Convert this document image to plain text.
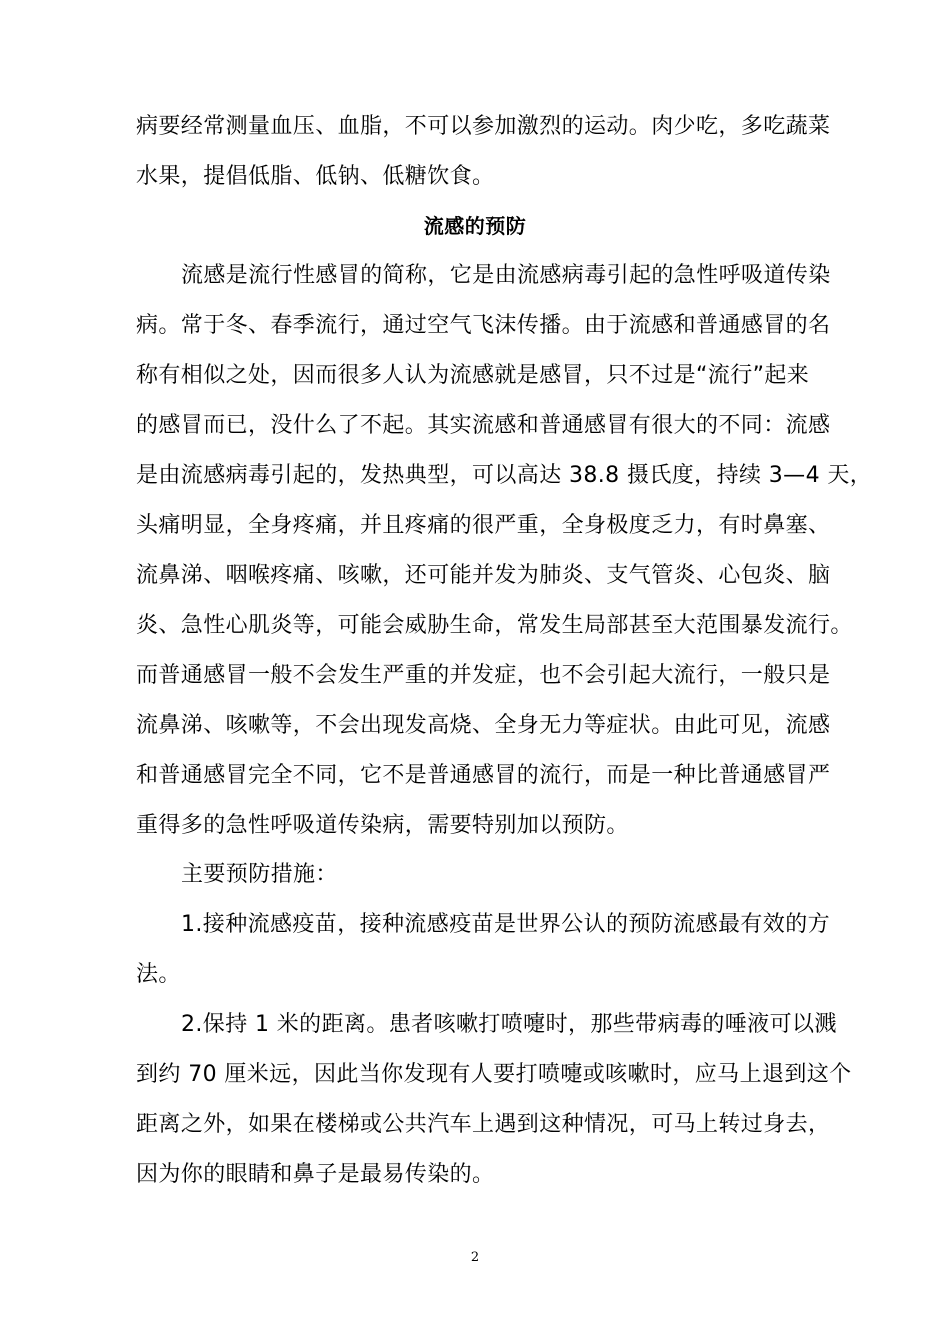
病要经常测量血压、血脂，不可以参加激烈的运动。肉少吃，多吃蔬菜
水果，提倡低脂、低钠、低糖饮食。
流感的预防
流感是流行性感冒的简称，它是由流感病毒引起的急性呼吸道传染
病。常于冬、春季流行，通过空气飞沫传播。由于流感和普通感冒的名
称有相似之处，因而很多人认为流感就是感冒，只不过是“流行”起来
的感冒而已，没什么了不起。其实流感和普通感冒有很大的不同：流感
是由流感病毒引起的，发热典型，可以高达 38.8 摄氏度，持续 3—4 天，
头痛明显，全身疼痛，并且疼痛的很严重，全身极度乏力，有时鼻塞、
流鼻涕、咽喉疼痛、咳嗽，还可能并发为肺炎、支气管炎、心包炎、脑
炎、急性心肌炎等，可能会威胁生命，常发生局部甚至大范围暴发流行。
而普通感冒一般不会发生严重的并发症，也不会引起大流行，一般只是
流鼻涕、咳嗽等，不会出现发高烧、全身无力等症状。由此可见，流感
和普通感冒完全不同，它不是普通感冒的流行，而是一种比普通感冒严
重得多的急性呼吸道传染病，需要特别加以预防。
主要预防措施：
1.接种流感疫苗，接种流感疫苗是世界公认的预防流感最有效的方
法。
2.保持 1 米的距离。患者咳嗽打喷嚏时，那些带病毒的唾液可以溅
到约 70 厘米远，因此当你发现有人要打喷嚏或咳嗽时，应马上退到这个
距离之外，如果在楼梯或公共汽车上遇到这种情况，可马上转过身去，
因为你的眼睛和鼻子是最易传染的。
2
